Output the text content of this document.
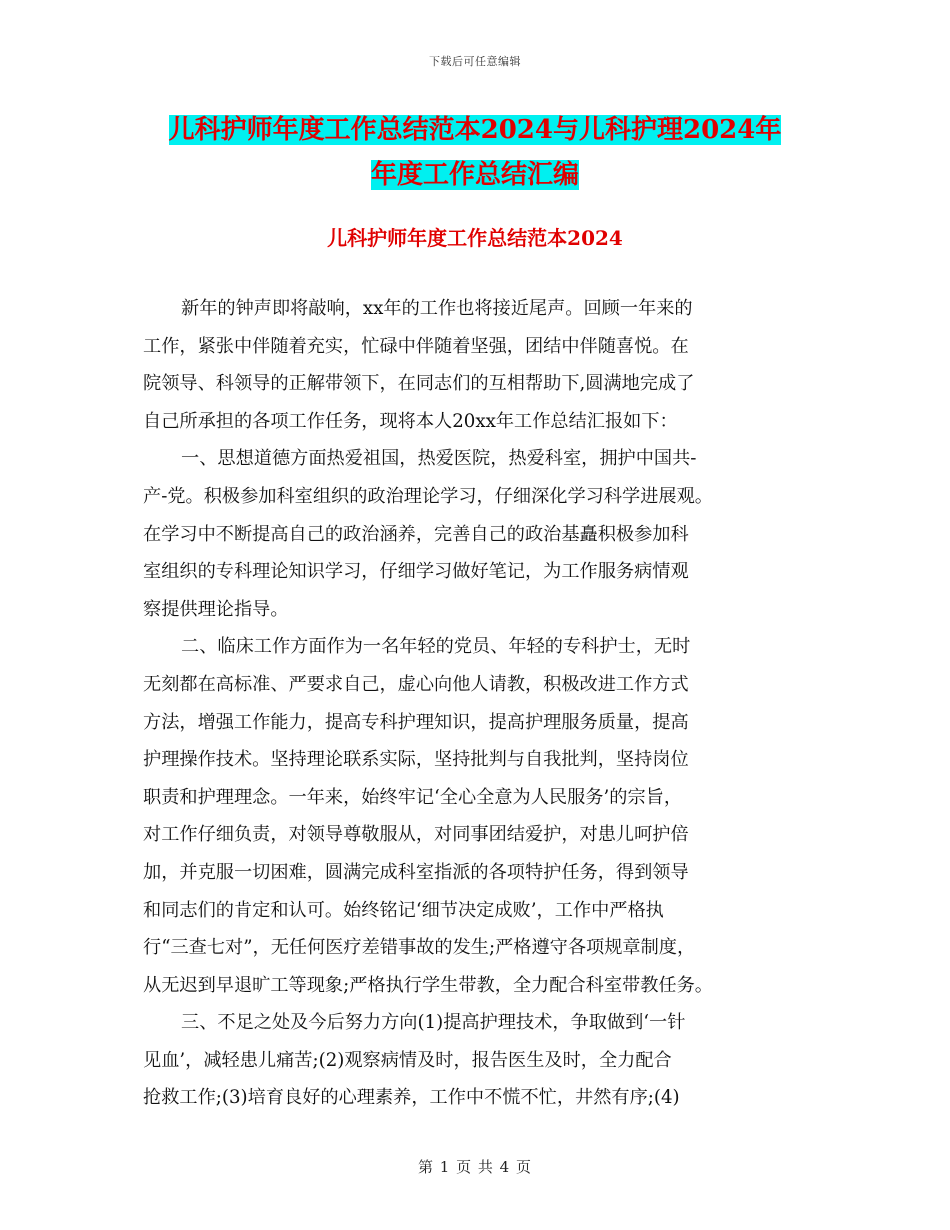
下载后可任意编辑
儿科护师年度工作总结范本2024与儿科护理2024年
年度工作总结汇编
儿科护师年度工作总结范本2024
新年的钟声即将敲响，xx年的工作也将接近尾声。回顾一年来的
工作，紧张中伴随着充实，忙碌中伴随着坚强，团结中伴随喜悦。在
院领导、科领导的正解带领下，在同志们的互相帮助下,圆满地完成了
自己所承担的各项工作任务，现将本人20xx年工作总结汇报如下：
一、思想道德方面热爱祖国，热爱医院，热爱科室，拥护中国共-
产-党。积极参加科室组织的政治理论学习，仔细深化学习科学进展观。
在学习中不断提高自己的政治涵养，完善自己的政治基矗积极参加科
室组织的专科理论知识学习，仔细学习做好笔记，为工作服务病情观
察提供理论指导。
二、临床工作方面作为一名年轻的党员、年轻的专科护士，无时
无刻都在高标准、严要求自己，虚心向他人请教，积极改进工作方式
方法，增强工作能力，提高专科护理知识，提高护理服务质量，提高
护理操作技术。坚持理论联系实际，坚持批判与自我批判，坚持岗位
职责和护理理念。一年来，始终牢记‘全心全意为人民服务’的宗旨，
对工作仔细负责，对领导尊敬服从，对同事团结爱护，对患儿呵护倍
加，并克服一切困难，圆满完成科室指派的各项特护任务，得到领导
和同志们的肯定和认可。始终铭记‘细节决定成败’，工作中严格执
行“三查七对”，无任何医疗差错事故的发生;严格遵守各项规章制度，
从无迟到早退旷工等现象;严格执行学生带教，全力配合科室带教任务。
三、不足之处及今后努力方向(1)提高护理技术，争取做到‘一针
见血’，减轻患儿痛苦;(2)观察病情及时，报告医生及时，全力配合
抢救工作;(3)培育良好的心理素养，工作中不慌不忙，井然有序;(4)
第 1 页 共 4 页
